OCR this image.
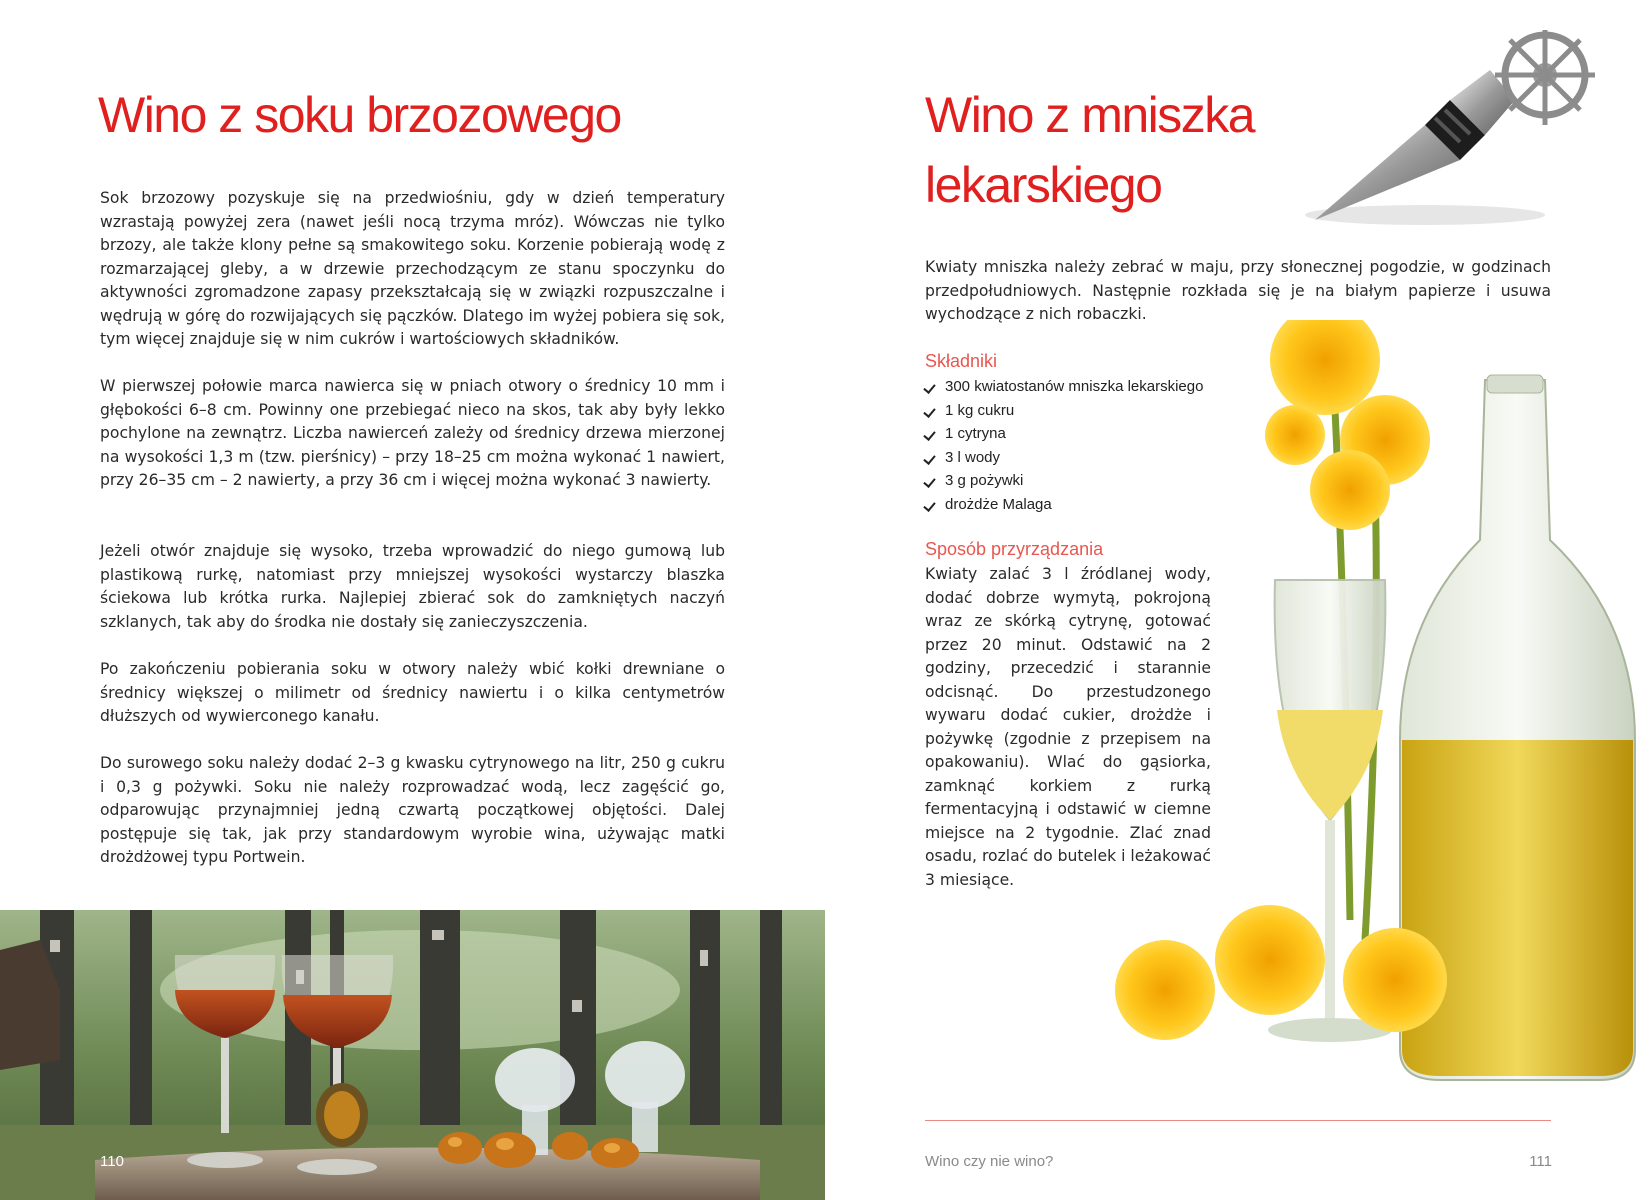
Wino z soku brzozowego

Sok brzozowy pozyskuje się na przedwiośniu, gdy w dzień temperatury wzrastają powyżej zera (nawet jeśli nocą trzyma mróz). Wówczas nie tylko brzozy, ale także klony pełne są smakowitego soku. Korzenie pobierają wodę z rozmarzającej gleby, a w drzewie przechodzącym ze stanu spoczynku do aktywności zgromadzone zapasy przekształcają się w związki rozpuszczalne i wędrują w górę do rozwijających się pączków. Dlatego im wyżej pobiera się sok, tym więcej znajduje się w nim cukrów i wartościowych składników.

W pierwszej połowie marca nawierca się w pniach otwory o średnicy 10 mm i głębokości 6–8 cm. Powinny one przebiegać nieco na skos, tak aby były lekko pochylone na zewnątrz. Liczba nawierceń zależy od średnicy drzewa mierzonej na wysokości 1,3 m (tzw. pierśnicy) – przy 18–25 cm można wykonać 1 nawiert, przy 26–35 cm – 2 nawierty, a przy 36 cm i więcej można wykonać 3 nawierty.

Jeżeli otwór znajduje się wysoko, trzeba wprowadzić do niego gumową lub plastikową rurkę, natomiast przy mniejszej wysokości wystarczy blaszka ściekowa lub krótka rurka. Najlepiej zbierać sok do zamkniętych naczyń szklanych, tak aby do środka nie dostały się zanieczyszczenia.

Po zakończeniu pobierania soku w otwory należy wbić kołki drewniane o średnicy większej o milimetr od średnicy nawiertu i o kilka centymetrów dłuższych od wywierconego kanału.

Do surowego soku należy dodać 2–3 g kwasku cytrynowego na litr, 250 g cukru i 0,3 g pożywki. Soku nie należy rozprowadzać wodą, lecz zagęścić go, odparowując przynajmniej jedną czwartą początkowej objętości. Dalej postępuje się tak, jak przy standardowym wyrobie wina, używając matki drożdżowej typu Portwein.

110

Wino z mniszka lekarskiego

Kwiaty mniszka należy zebrać w maju, przy słonecznej pogodzie, w godzinach przedpołudniowych. Następnie rozkłada się je na białym papierze i usuwa wychodzące z nich robaczki.

Składniki
300 kwiatostanów mniszka lekarskiego
1 kg cukru
1 cytryna
3 l wody
3 g pożywki
drożdże Malaga
Sposób przyrządzania

Kwiaty zalać 3 l źródlanej wody, dodać dobrze wymytą, pokrojoną wraz ze skórką cytrynę, gotować przez 20 minut. Odstawić na 2 godziny, przecedzić i starannie odcisnąć. Do przestudzonego wywaru dodać cukier, drożdże i pożywkę (zgodnie z przepisem na opakowaniu). Wlać do gąsiorka, zamknąć korkiem z rurką fermentacyjną i odstawić w ciemne miejsce na 2 tygodnie. Zlać znad osadu, rozlać do butelek i leżakować 3 miesiące.

Wino czy nie wino?	111
